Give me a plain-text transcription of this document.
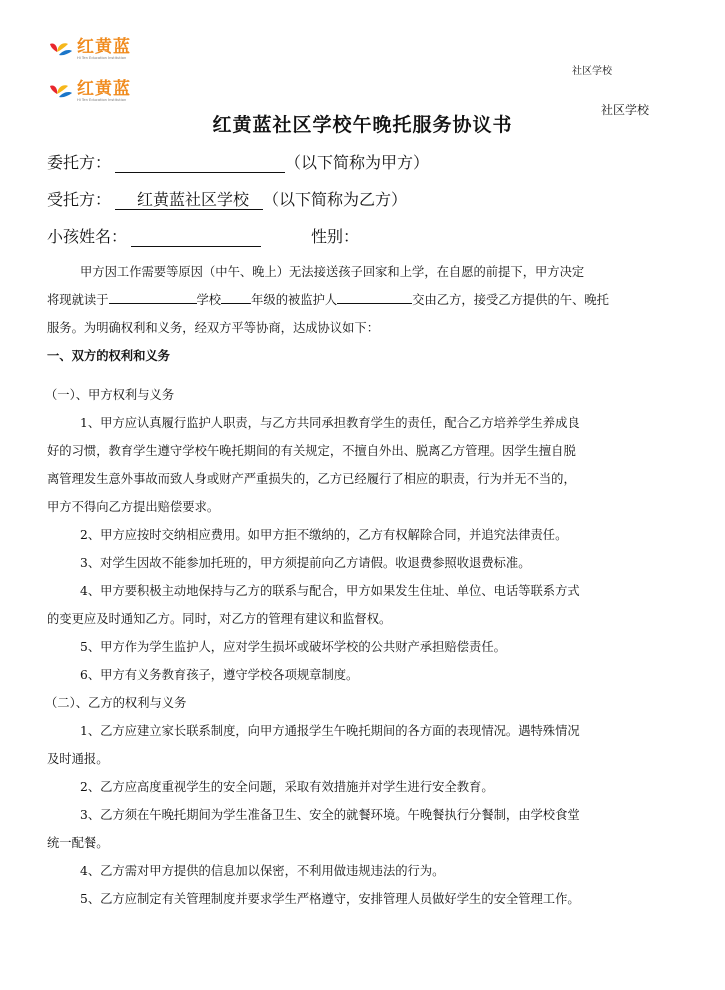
红黄蓝
Hi Ten Education Institution
红黄蓝
Hi Ten Education Institution
社区学校
社区学校
红黄蓝社区学校午晚托服务协议书
委托方：	（以下简称为甲方）
受托方： 红黄蓝社区学校 （以下简称为乙方）
小孩姓名：	性别：
甲方因工作需要等原因（中午、晚上）无法接送孩子回家和上学，在自愿的前提下，甲方决定
将现就读于	学校 年级的被监护人	交由乙方，接受乙方提供的午、晚托
服务。为明确权利和义务，经双方平等协商，达成协议如下：
一、双方的权利和义务
（一）、甲方权利与义务
1、甲方应认真履行监护人职责，与乙方共同承担教育学生的责任，配合乙方培养学生养成良
好的习惯，教育学生遵守学校午晚托期间的有关规定，不擅自外出、脱离乙方管理。因学生擅自脱
离管理发生意外事故而致人身或财产严重损失的，乙方已经履行了相应的职责，行为并无不当的，
甲方不得向乙方提出赔偿要求。
2、甲方应按时交纳相应费用。如甲方拒不缴纳的，乙方有权解除合同，并追究法律责任。
3、对学生因故不能参加托班的，甲方须提前向乙方请假。收退费参照收退费标准。
4、甲方要积极主动地保持与乙方的联系与配合，甲方如果发生住址、单位、电话等联系方式
的变更应及时通知乙方。同时，对乙方的管理有建议和监督权。
5、甲方作为学生监护人，应对学生损坏或破坏学校的公共财产承担赔偿责任。
6、甲方有义务教育孩子，遵守学校各项规章制度。
（二）、乙方的权利与义务
1、乙方应建立家长联系制度，向甲方通报学生午晚托期间的各方面的表现情况。遇特殊情况
及时通报。
2、乙方应高度重视学生的安全问题，采取有效措施并对学生进行安全教育。
3、乙方须在午晚托期间为学生准备卫生、安全的就餐环境。午晚餐执行分餐制，由学校食堂
统一配餐。
4、乙方需对甲方提供的信息加以保密，不利用做违规违法的行为。
5、乙方应制定有关管理制度并要求学生严格遵守，安排管理人员做好学生的安全管理工作。
